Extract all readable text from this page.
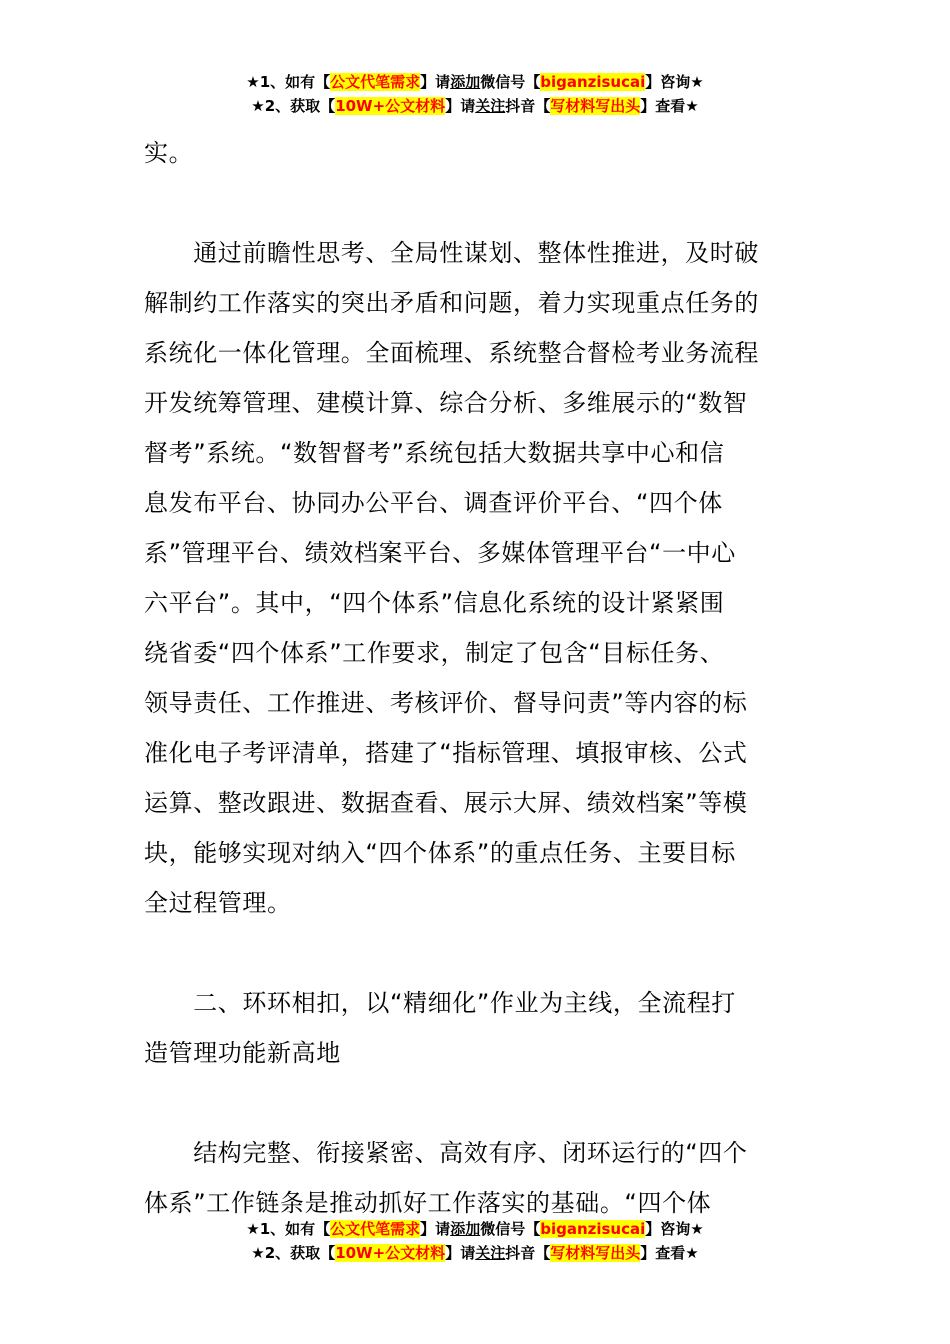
★1、如有【公文代笔需求】请添加微信号【biganzisucai】咨询★
★2、获取【10W+公文材料】请关注抖音【写材料写出头】查看★
实。
　　通过前瞻性思考、全局性谋划、整体性推进，及时破
解制约工作落实的突出矛盾和问题，着力实现重点任务的
系统化一体化管理。全面梳理、系统整合督检考业务流程
开发统筹管理、建模计算、综合分析、多维展示的“数智
督考”系统。“数智督考”系统包括大数据共享中心和信
息发布平台、协同办公平台、调查评价平台、“四个体
系”管理平台、绩效档案平台、多媒体管理平台“一中心
六平台”。其中，“四个体系”信息化系统的设计紧紧围
绕省委“四个体系”工作要求，制定了包含“目标任务、
领导责任、工作推进、考核评价、督导问责”等内容的标
准化电子考评清单，搭建了“指标管理、填报审核、公式
运算、整改跟进、数据查看、展示大屏、绩效档案”等模
块，能够实现对纳入“四个体系”的重点任务、主要目标
全过程管理。
　　二、环环相扣，以“精细化”作业为主线，全流程打
造管理功能新高地
　　结构完整、衔接紧密、高效有序、闭环运行的“四个
体系”工作链条是推动抓好工作落实的基础。“四个体
★1、如有【公文代笔需求】请添加微信号【biganzisucai】咨询★
★2、获取【10W+公文材料】请关注抖音【写材料写出头】查看★
